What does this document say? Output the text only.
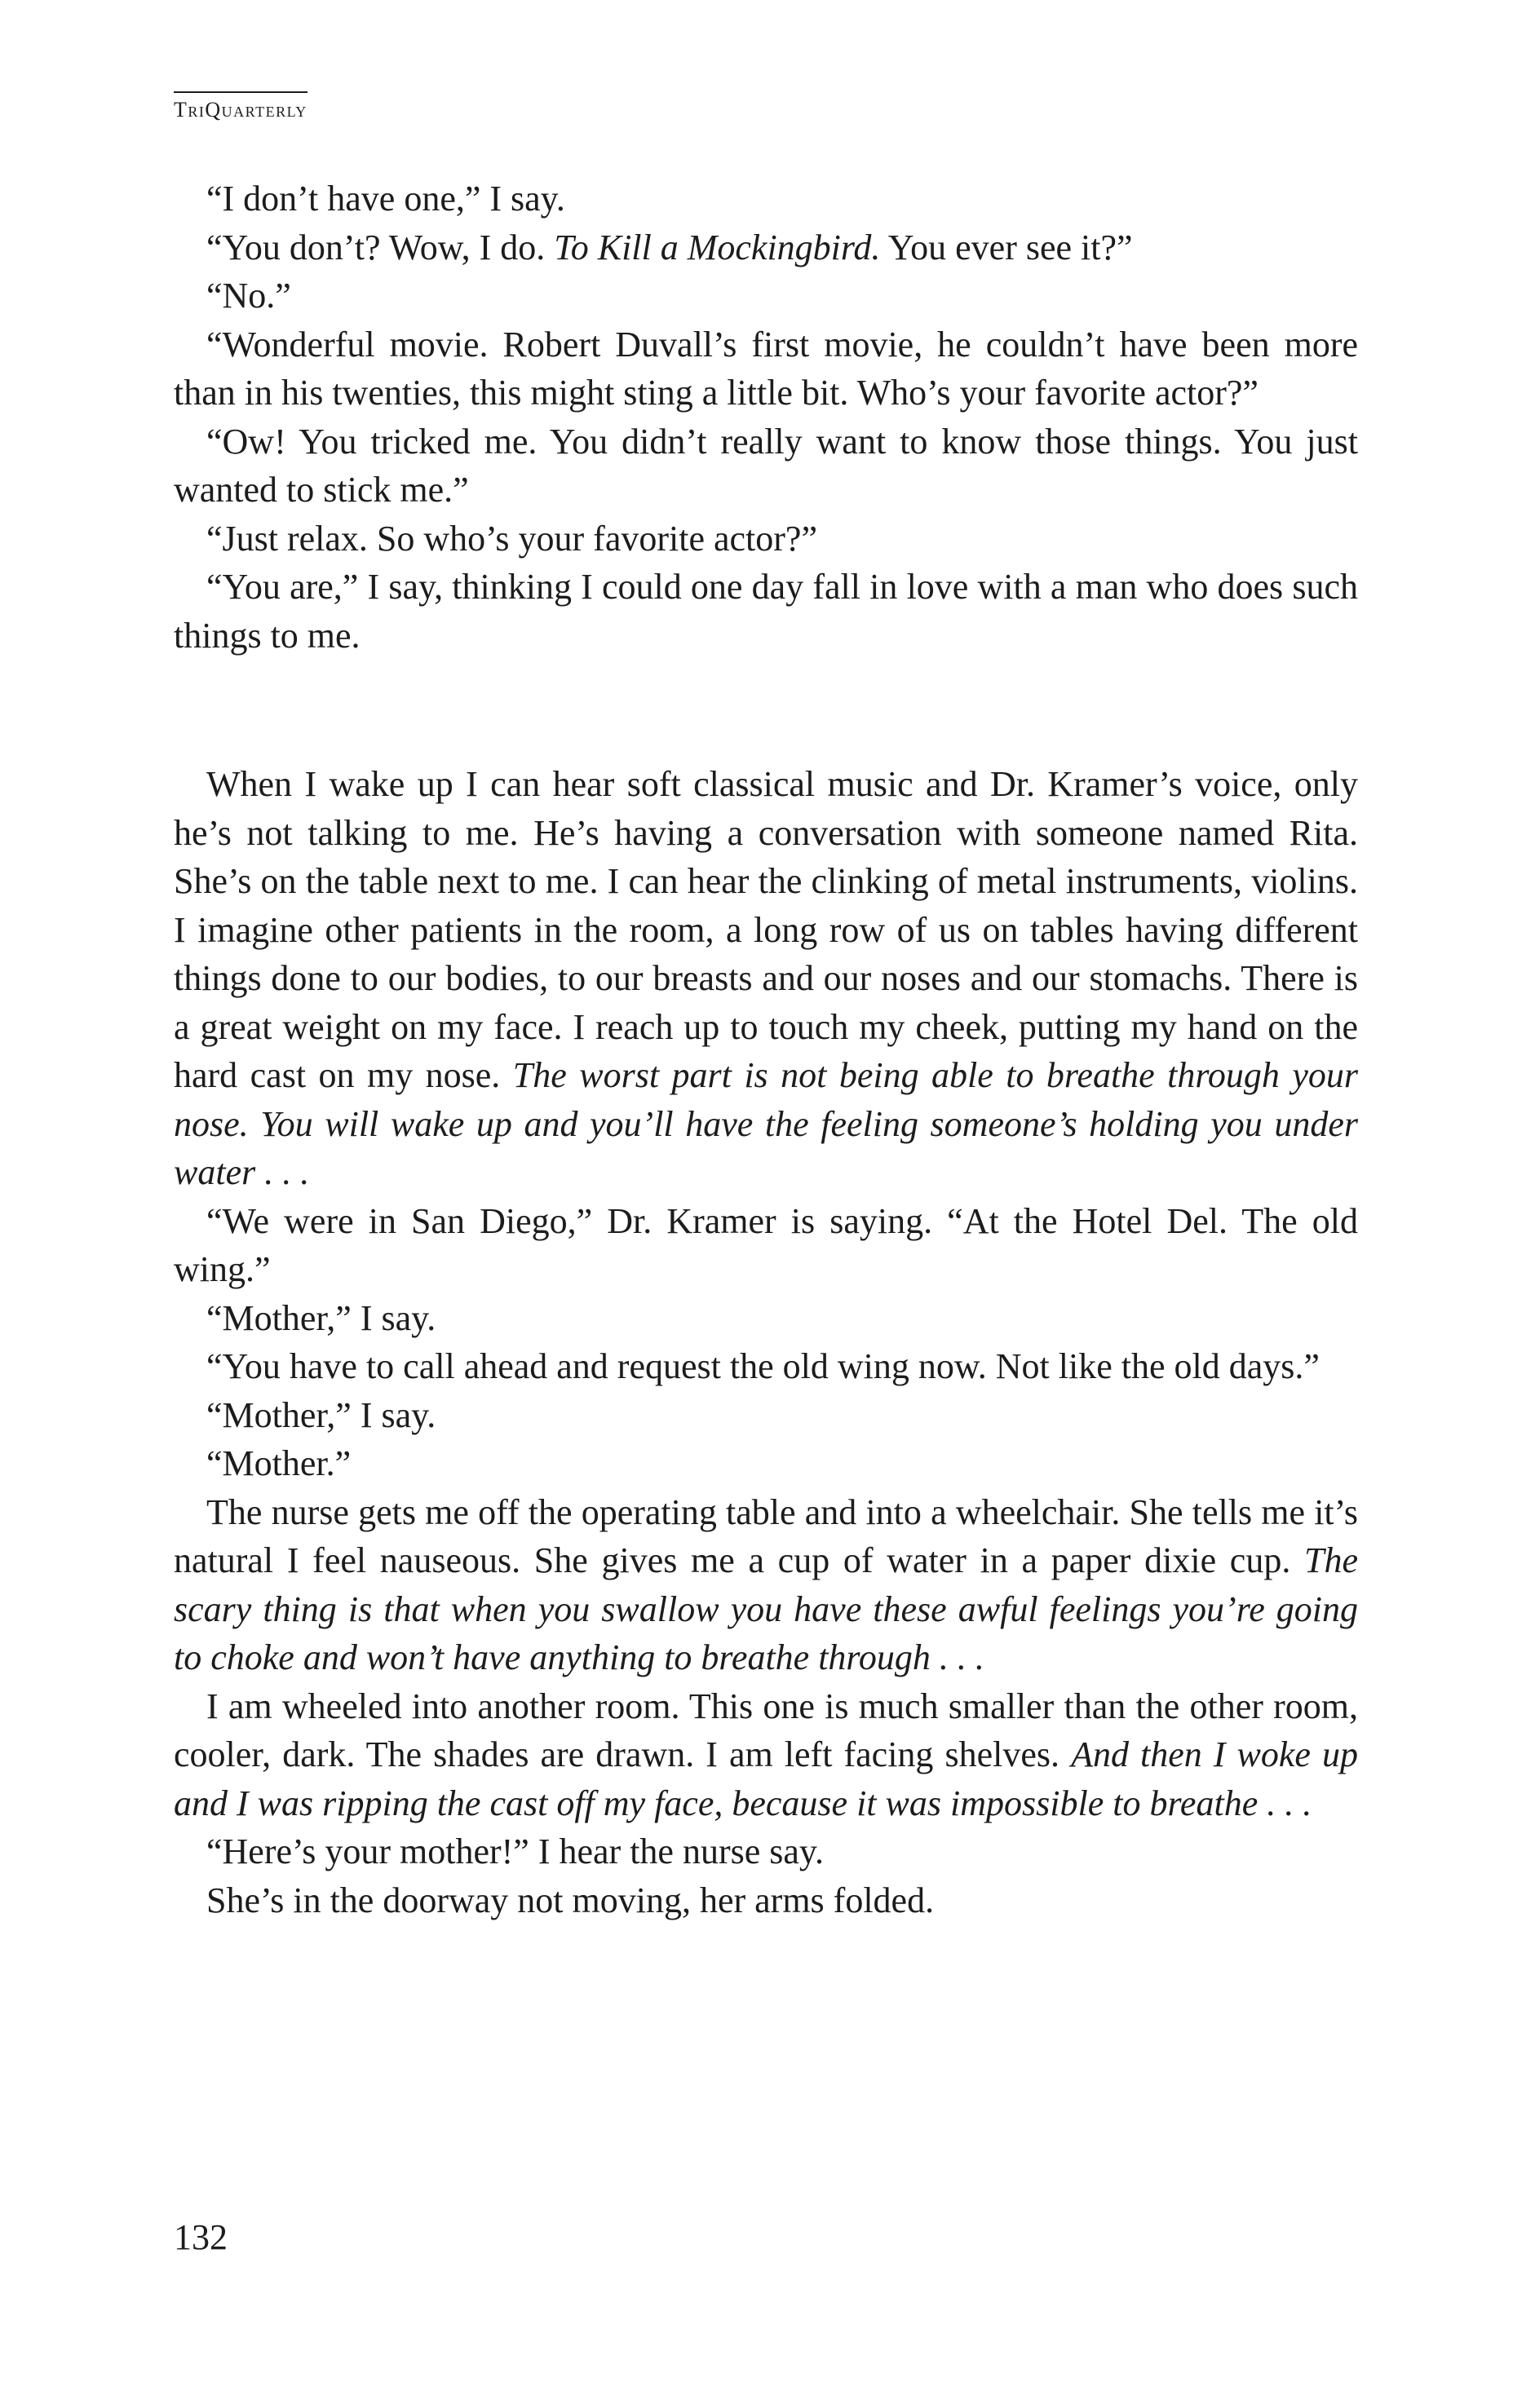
TriQuarterly

“I don’t have one,” I say.

“You don’t? Wow, I do. To Kill a Mockingbird. You ever see it?”

“No.”

“Wonderful movie. Robert Duvall’s first movie, he couldn’t have been more than in his twenties, this might sting a little bit. Who’s your favorite actor?”

“Ow! You tricked me. You didn’t really want to know those things. You just wanted to stick me.”

“Just relax. So who’s your favorite actor?”

“You are,” I say, thinking I could one day fall in love with a man who does such things to me.

When I wake up I can hear soft classical music and Dr. Kramer’s voice, only he’s not talking to me. He’s having a conversation with someone named Rita. She’s on the table next to me. I can hear the clinking of metal instruments, violins. I imagine other patients in the room, a long row of us on tables having different things done to our bodies, to our breasts and our noses and our stomachs. There is a great weight on my face. I reach up to touch my cheek, putting my hand on the hard cast on my nose. The worst part is not being able to breathe through your nose. You will wake up and you’ll have the feeling someone’s holding you under water . . .

“We were in San Diego,” Dr. Kramer is saying. “At the Hotel Del. The old wing.”

“Mother,” I say.

“You have to call ahead and request the old wing now. Not like the old days.”

“Mother,” I say.

“Mother.”

The nurse gets me off the operating table and into a wheelchair. She tells me it’s natural I feel nauseous. She gives me a cup of water in a paper dixie cup. The scary thing is that when you swallow you have these awful feelings you’re going to choke and won’t have anything to breathe through . . .

I am wheeled into another room. This one is much smaller than the other room, cooler, dark. The shades are drawn. I am left facing shelves. And then I woke up and I was ripping the cast off my face, because it was impossible to breathe . . .

“Here’s your mother!” I hear the nurse say.

She’s in the doorway not moving, her arms folded.

132
